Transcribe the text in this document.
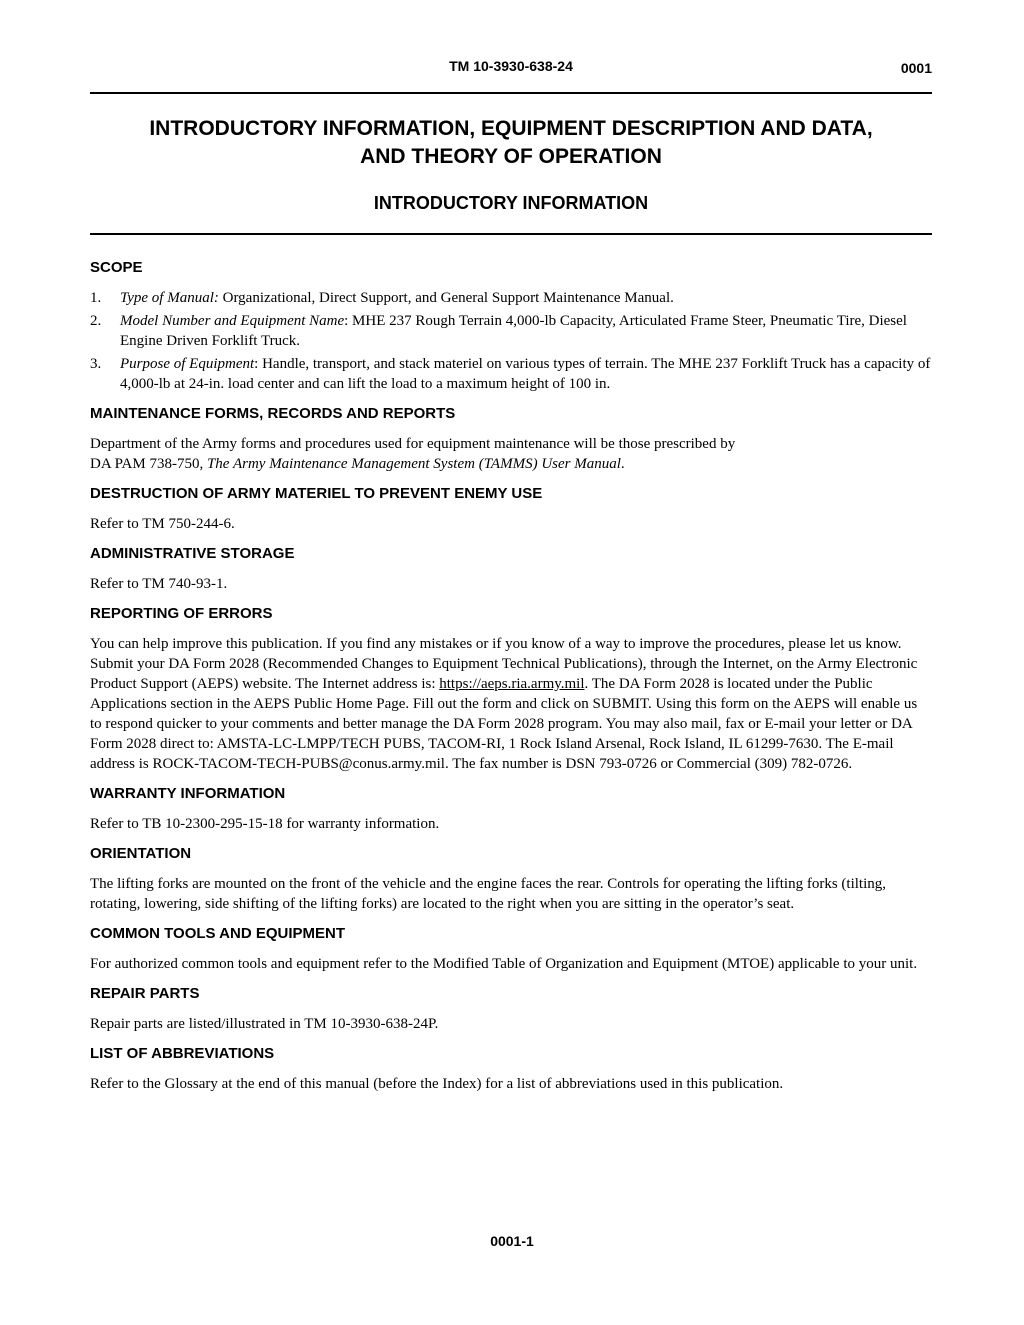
TM 10-3930-638-24	0001
INTRODUCTORY INFORMATION, EQUIPMENT DESCRIPTION AND DATA,
AND THEORY OF OPERATION
INTRODUCTORY INFORMATION
SCOPE
1.	Type of Manual: Organizational, Direct Support, and General Support Maintenance Manual.
2.	Model Number and Equipment Name: MHE 237 Rough Terrain 4,000-lb Capacity, Articulated Frame Steer, Pneumatic Tire, Diesel Engine Driven Forklift Truck.
3.	Purpose of Equipment: Handle, transport, and stack materiel on various types of terrain. The MHE 237 Forklift Truck has a capacity of 4,000-lb at 24-in. load center and can lift the load to a maximum height of 100 in.
MAINTENANCE FORMS, RECORDS AND REPORTS

Department of the Army forms and procedures used for equipment maintenance will be those prescribed by
DA PAM 738-750, The Army Maintenance Management System (TAMMS) User Manual.

DESTRUCTION OF ARMY MATERIEL TO PREVENT ENEMY USE

Refer to TM 750-244-6.

ADMINISTRATIVE STORAGE

Refer to TM 740-93-1.

REPORTING OF ERRORS

You can help improve this publication. If you find any mistakes or if you know of a way to improve the procedures, please let us know. Submit your DA Form 2028 (Recommended Changes to Equipment Technical Publications), through the Internet, on the Army Electronic Product Support (AEPS) website. The Internet address is: https://aeps.ria.army.mil. The DA Form 2028 is located under the Public Applications section in the AEPS Public Home Page. Fill out the form and click on SUBMIT. Using this form on the AEPS will enable us to respond quicker to your comments and better manage the DA Form 2028 program. You may also mail, fax or E-mail your letter or DA Form 2028 direct to: AMSTA-LC-LMPP/TECH PUBS, TACOM-RI, 1 Rock Island Arsenal, Rock Island, IL 61299-7630. The E-mail address is ROCK-TACOM-TECH-PUBS@conus.army.mil. The fax number is DSN 793-0726 or Commercial (309) 782-0726.

WARRANTY INFORMATION

Refer to TB 10-2300-295-15-18 for warranty information.

ORIENTATION

The lifting forks are mounted on the front of the vehicle and the engine faces the rear. Controls for operating the lifting forks (tilting, rotating, lowering, side shifting of the lifting forks) are located to the right when you are sitting in the operator’s seat.

COMMON TOOLS AND EQUIPMENT

For authorized common tools and equipment refer to the Modified Table of Organization and Equipment (MTOE) applicable to your unit.

REPAIR PARTS

Repair parts are listed/illustrated in TM 10-3930-638-24P.

LIST OF ABBREVIATIONS

Refer to the Glossary at the end of this manual (before the Index) for a list of abbreviations used in this publication.

0001-1
